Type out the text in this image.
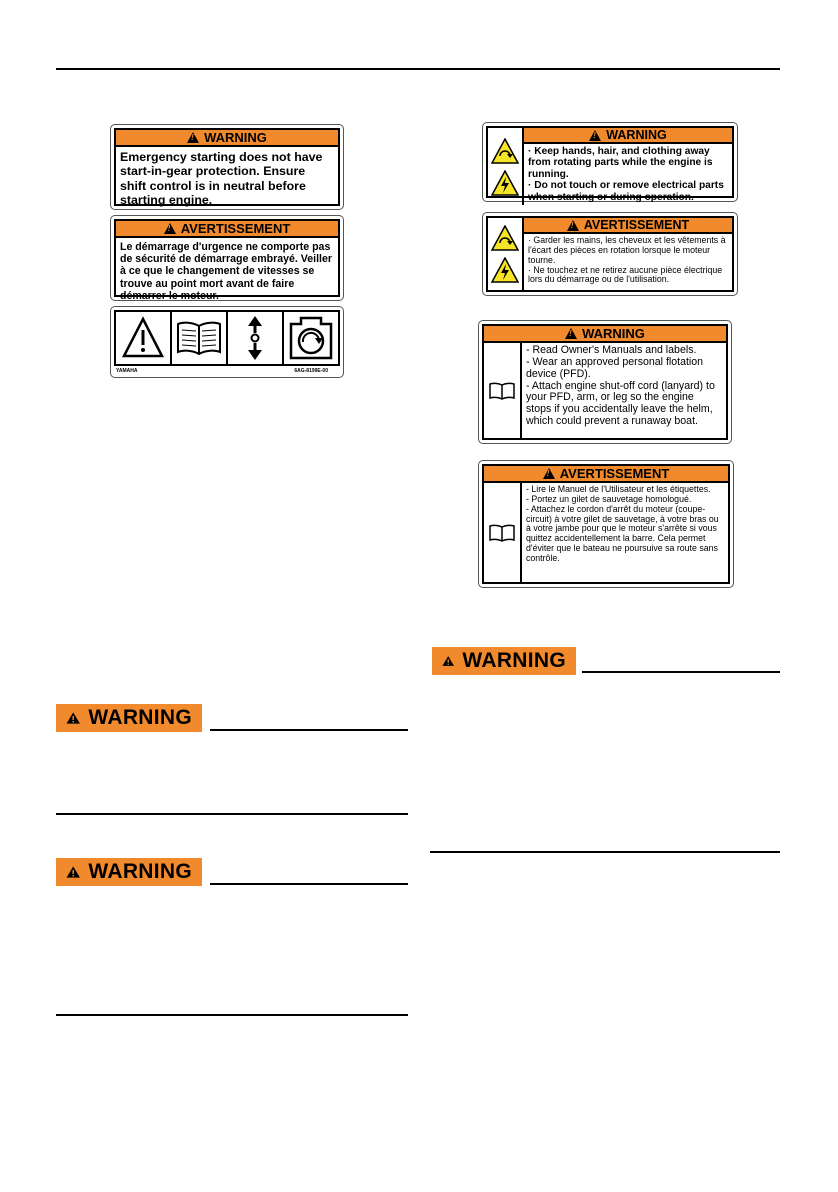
!
WARNING
Emergency starting does not have start-in-gear protection. Ensure shift control is in neutral before starting engine.
!
AVERTISSEMENT
Le démarrage d'urgence ne comporte pas de sécurité de démarrage embrayé. Veiller à ce que le changement de vitesses se trouve au point mort avant de faire démarrer le moteur.
YAMAHA	6AG-8199E-00
!
WARNING
· Keep hands, hair, and clothing away from rotating parts while the engine is running.
· Do not touch or remove electrical parts when starting or during operation.
!
AVERTISSEMENT
· Garder les mains, les cheveux et les vêtements à l'écart des pièces en rotation lorsque le moteur tourne.
· Ne touchez et ne retirez aucune pièce électrique lors du démarrage ou de l'utilisation.
!
WARNING
- Read Owner's Manuals and labels.
- Wear an approved personal flotation device (PFD).
- Attach engine shut-off cord (lanyard) to your PFD, arm, or leg so the engine stops if you accidentally leave the helm, which could prevent a runaway boat.
!
AVERTISSEMENT
- Lire le Manuel de l'Utilisateur et les étiquettes.
- Portez un gilet de sauvetage homologué.
- Attachez le cordon d'arrêt du moteur (coupe-circuit) à votre gilet de sauvetage, à votre bras ou à votre jambe pour que le moteur s'arrête si vous quittez accidentellement la barre. Cela permet d'éviter que le bateau ne poursuive sa route sans contrôle.
WARNING
WARNING
WARNING
